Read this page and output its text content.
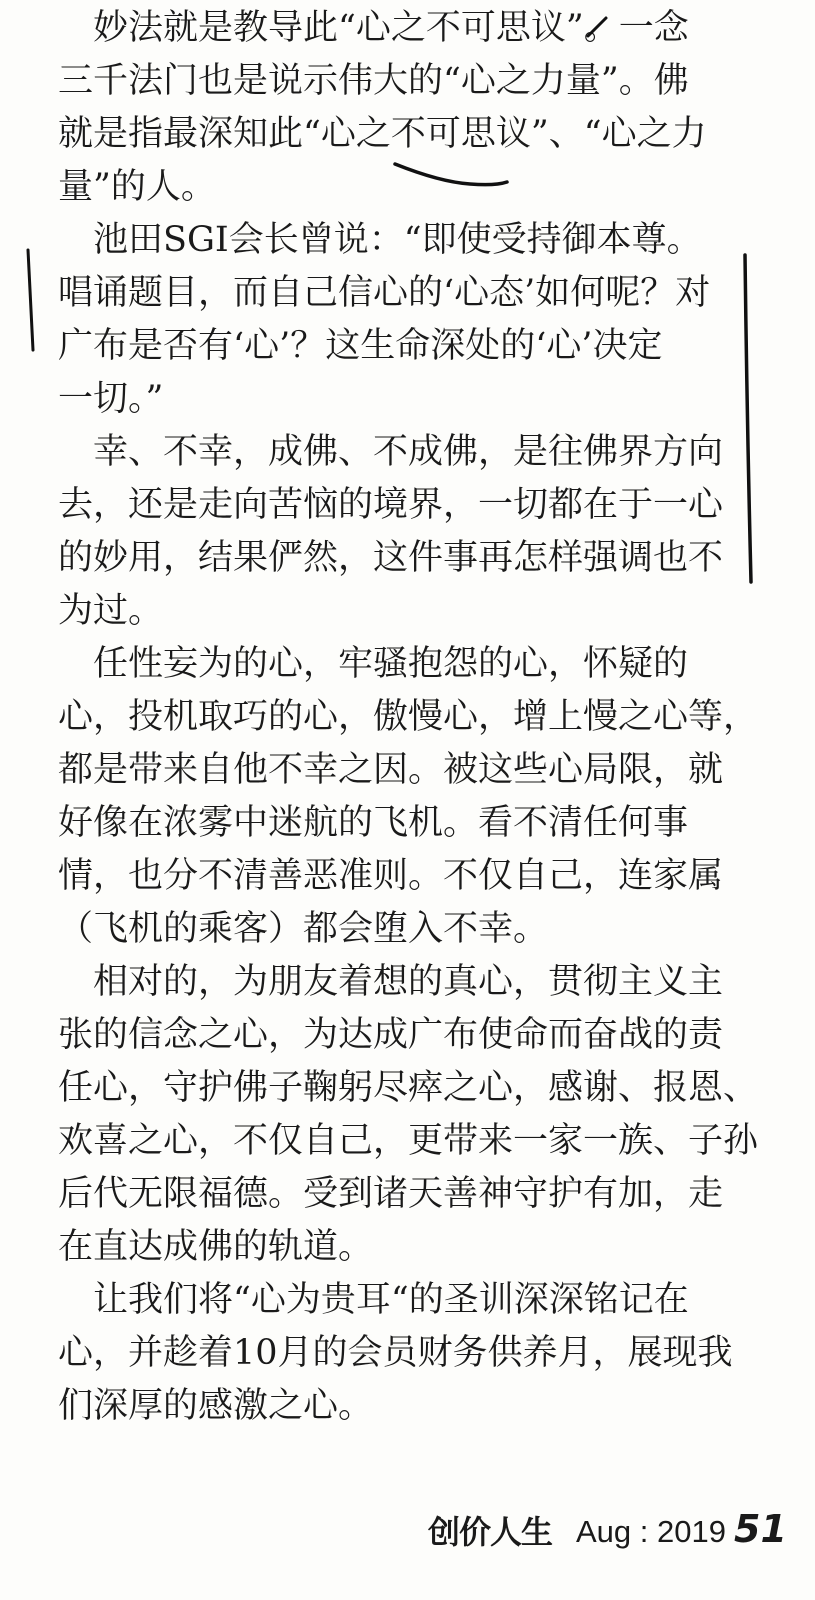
　妙法就是教导此“心之不可思议”。一念
三千法门也是说示伟大的“心之力量”。佛
就是指最深知此“心之不可思议”、“心之力
量”的人。
　池田SGI会长曾说：“即使受持御本尊。
唱诵题目，而自己信心的‘心态’如何呢？对
广布是否有‘心’？这生命深处的‘心’决定
一切。”
　幸、不幸，成佛、不成佛，是往佛界方向
去，还是走向苦恼的境界，一切都在于一心
的妙用，结果俨然，这件事再怎样强调也不
为过。
　任性妄为的心，牢骚抱怨的心，怀疑的
心，投机取巧的心，傲慢心，增上慢之心等，
都是带来自他不幸之因。被这些心局限，就
好像在浓雾中迷航的飞机。看不清任何事
情，也分不清善恶准则。不仅自己，连家属
（飞机的乘客）都会堕入不幸。
　相对的，为朋友着想的真心，贯彻主义主
张的信念之心，为达成广布使命而奋战的责
任心，守护佛子鞠躬尽瘁之心，感谢、报恩、
欢喜之心，不仅自己，更带来一家一族、子孙
后代无限福德。受到诸天善神守护有加，走
在直达成佛的轨道。
　让我们将“心为贵耳“的圣训深深铭记在
心，并趁着10月的会员财务供养月，展现我
们深厚的感激之心。
创价人生 Aug : 2019 51
